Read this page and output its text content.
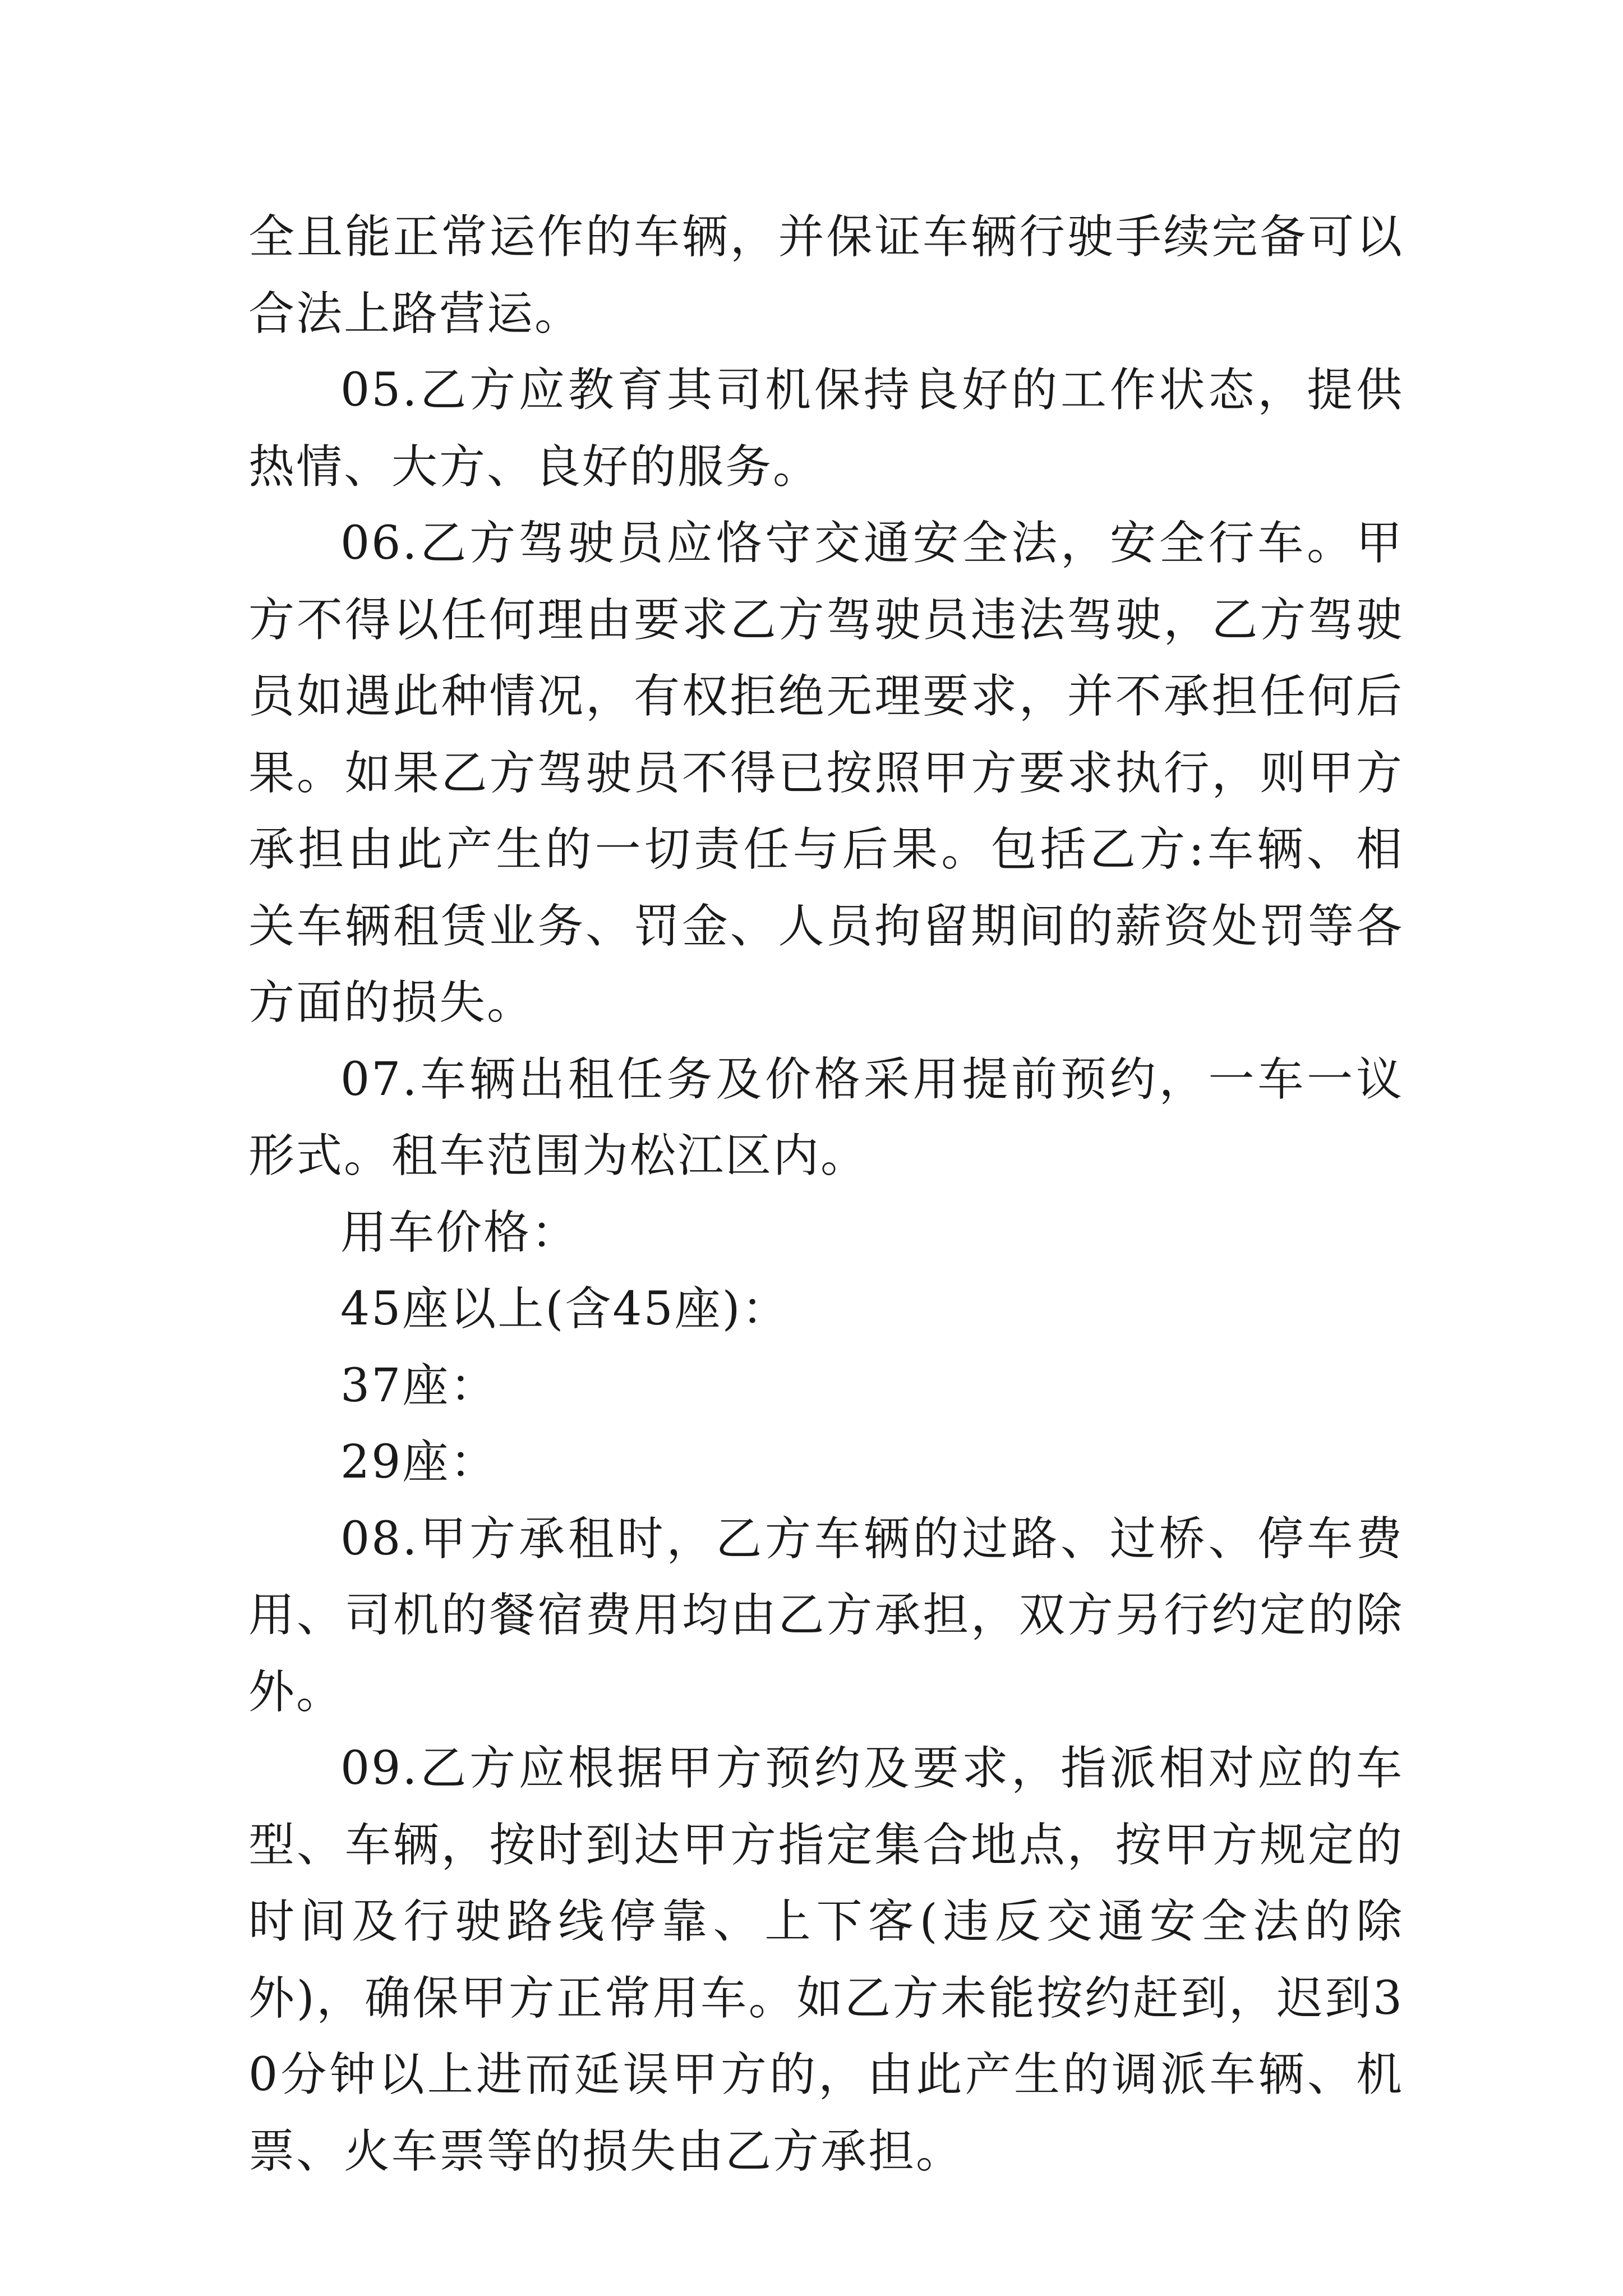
全且能正常运作的车辆，并保证车辆行驶手续完备可以合法上路营运。

05.乙方应教育其司机保持良好的工作状态，提供热情、大方、良好的服务。

06.乙方驾驶员应恪守交通安全法，安全行车。甲方不得以任何理由要求乙方驾驶员违法驾驶，乙方驾驶员如遇此种情况，有权拒绝无理要求，并不承担任何后果。如果乙方驾驶员不得已按照甲方要求执行，则甲方承担由此产生的一切责任与后果。包括乙方:车辆、相关车辆租赁业务、罚金、人员拘留期间的薪资处罚等各方面的损失。

07.车辆出租任务及价格采用提前预约，一车一议形式。租车范围为松江区内。

用车价格：

45座以上(含45座)：

37座：

29座：

08.甲方承租时，乙方车辆的过路、过桥、停车费用、司机的餐宿费用均由乙方承担，双方另行约定的除外。

09.乙方应根据甲方预约及要求，指派相对应的车型、车辆，按时到达甲方指定集合地点，按甲方规定的时间及行驶路线停靠、上下客(违反交通安全法的除外)，确保甲方正常用车。如乙方未能按约赶到，迟到30分钟以上进而延误甲方的，由此产生的调派车辆、机票、火车票等的损失由乙方承担。
